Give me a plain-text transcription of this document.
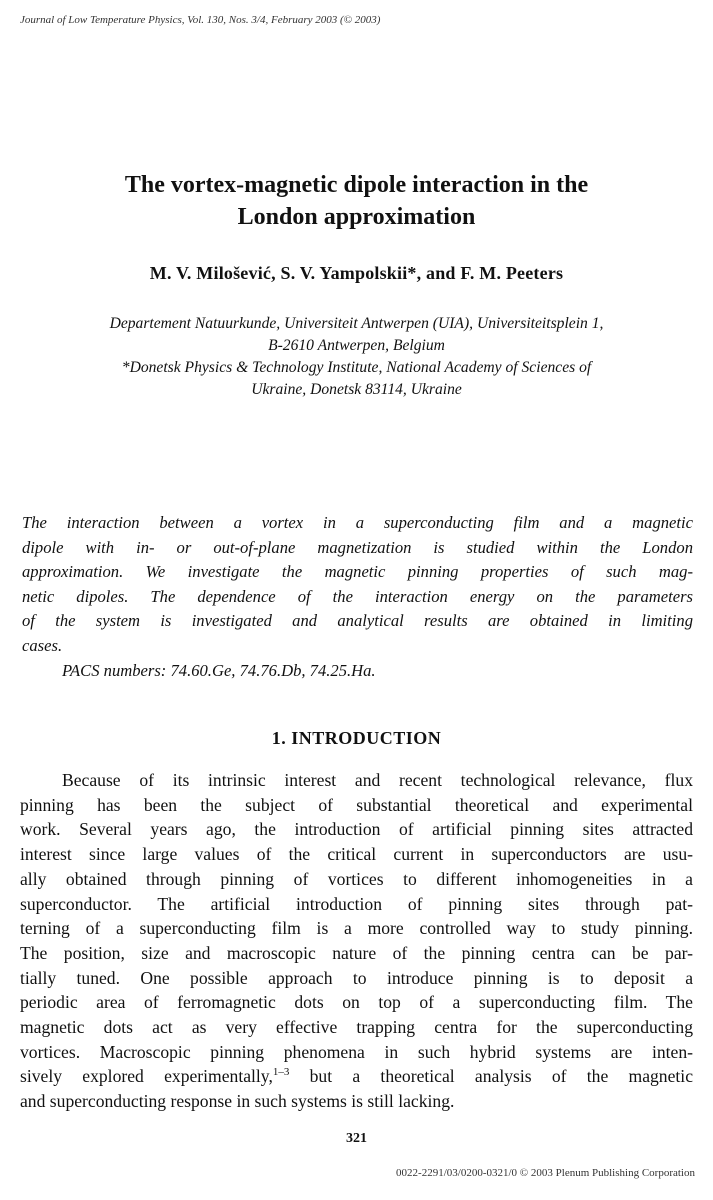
Journal of Low Temperature Physics, Vol. 130, Nos. 3/4, February 2003 (© 2003)
The vortex-magnetic dipole interaction in the
London approximation
M. V. Milošević, S. V. Yampolskii*, and F. M. Peeters
Departement Natuurkunde, Universiteit Antwerpen (UIA), Universiteitsplein 1,
B-2610 Antwerpen, Belgium
*Donetsk Physics & Technology Institute, National Academy of Sciences of
Ukraine, Donetsk 83114, Ukraine
The interaction between a vortex in a superconducting film and a magnetic
dipole with in- or out-of-plane magnetization is studied within the London
approximation. We investigate the magnetic pinning properties of such mag-
netic dipoles. The dependence of the interaction energy on the parameters
of the system is investigated and analytical results are obtained in limiting
cases.
PACS numbers: 74.60.Ge, 74.76.Db, 74.25.Ha.
1. INTRODUCTION
Because of its intrinsic interest and recent technological relevance, flux
pinning has been the subject of substantial theoretical and experimental
work. Several years ago, the introduction of artificial pinning sites attracted
interest since large values of the critical current in superconductors are usu-
ally obtained through pinning of vortices to different inhomogeneities in a
superconductor. The artificial introduction of pinning sites through pat-
terning of a superconducting film is a more controlled way to study pinning.
The position, size and macroscopic nature of the pinning centra can be par-
tially tuned. One possible approach to introduce pinning is to deposit a
periodic area of ferromagnetic dots on top of a superconducting film. The
magnetic dots act as very effective trapping centra for the superconducting
vortices. Macroscopic pinning phenomena in such hybrid systems are inten-
sively explored experimentally,$^{1-3}$ but a theoretical analysis of the magnetic
and superconducting response in such systems is still lacking.
321
0022-2291/03/0200-0321/0 © 2003 Plenum Publishing Corporation
